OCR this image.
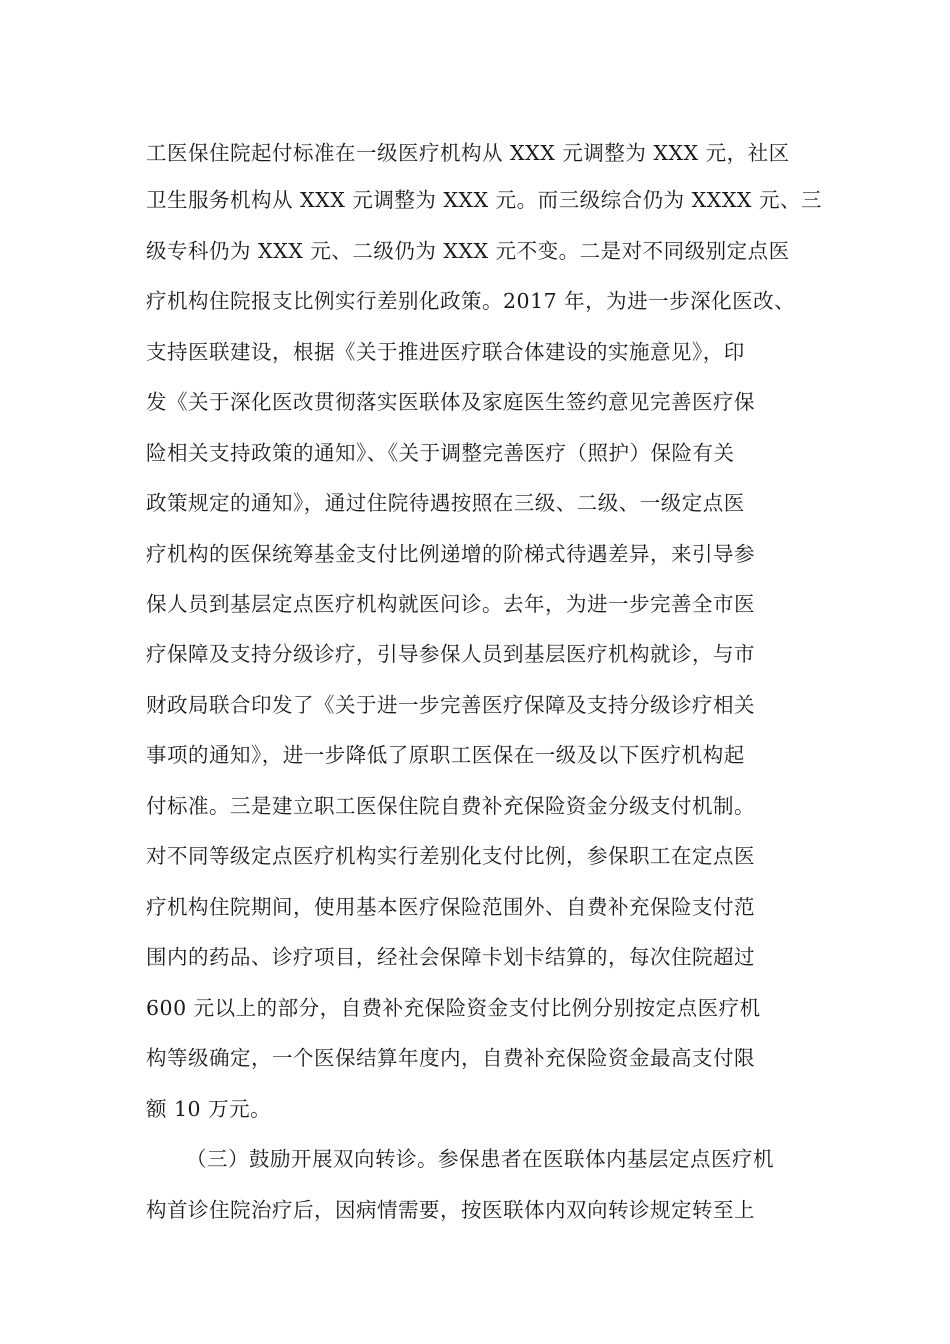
工医保住院起付标准在一级医疗机构从 XXX 元调整为 XXX 元，社区
卫生服务机构从 XXX 元调整为 XXX 元。而三级综合仍为 XXXX 元、三
级专科仍为 XXX 元、二级仍为 XXX 元不变。二是对不同级别定点医
疗机构住院报支比例实行差别化政策。2017 年，为进一步深化医改、
支持医联建设，根据《关于推进医疗联合体建设的实施意见》，印
发《关于深化医改贯彻落实医联体及家庭医生签约意见完善医疗保
险相关支持政策的通知》、《关于调整完善医疗（照护）保险有关
政策规定的通知》，通过住院待遇按照在三级、二级、一级定点医
疗机构的医保统筹基金支付比例递增的阶梯式待遇差异，来引导参
保人员到基层定点医疗机构就医问诊。去年，为进一步完善全市医
疗保障及支持分级诊疗，引导参保人员到基层医疗机构就诊，与市
财政局联合印发了《关于进一步完善医疗保障及支持分级诊疗相关
事项的通知》，进一步降低了原职工医保在一级及以下医疗机构起
付标准。三是建立职工医保住院自费补充保险资金分级支付机制。
对不同等级定点医疗机构实行差别化支付比例，参保职工在定点医
疗机构住院期间，使用基本医疗保险范围外、自费补充保险支付范
围内的药品、诊疗项目，经社会保障卡划卡结算的，每次住院超过
600 元以上的部分，自费补充保险资金支付比例分别按定点医疗机
构等级确定，一个医保结算年度内，自费补充保险资金最高支付限
额 10 万元。
（三）鼓励开展双向转诊。参保患者在医联体内基层定点医疗机
构首诊住院治疗后，因病情需要，按医联体内双向转诊规定转至上
